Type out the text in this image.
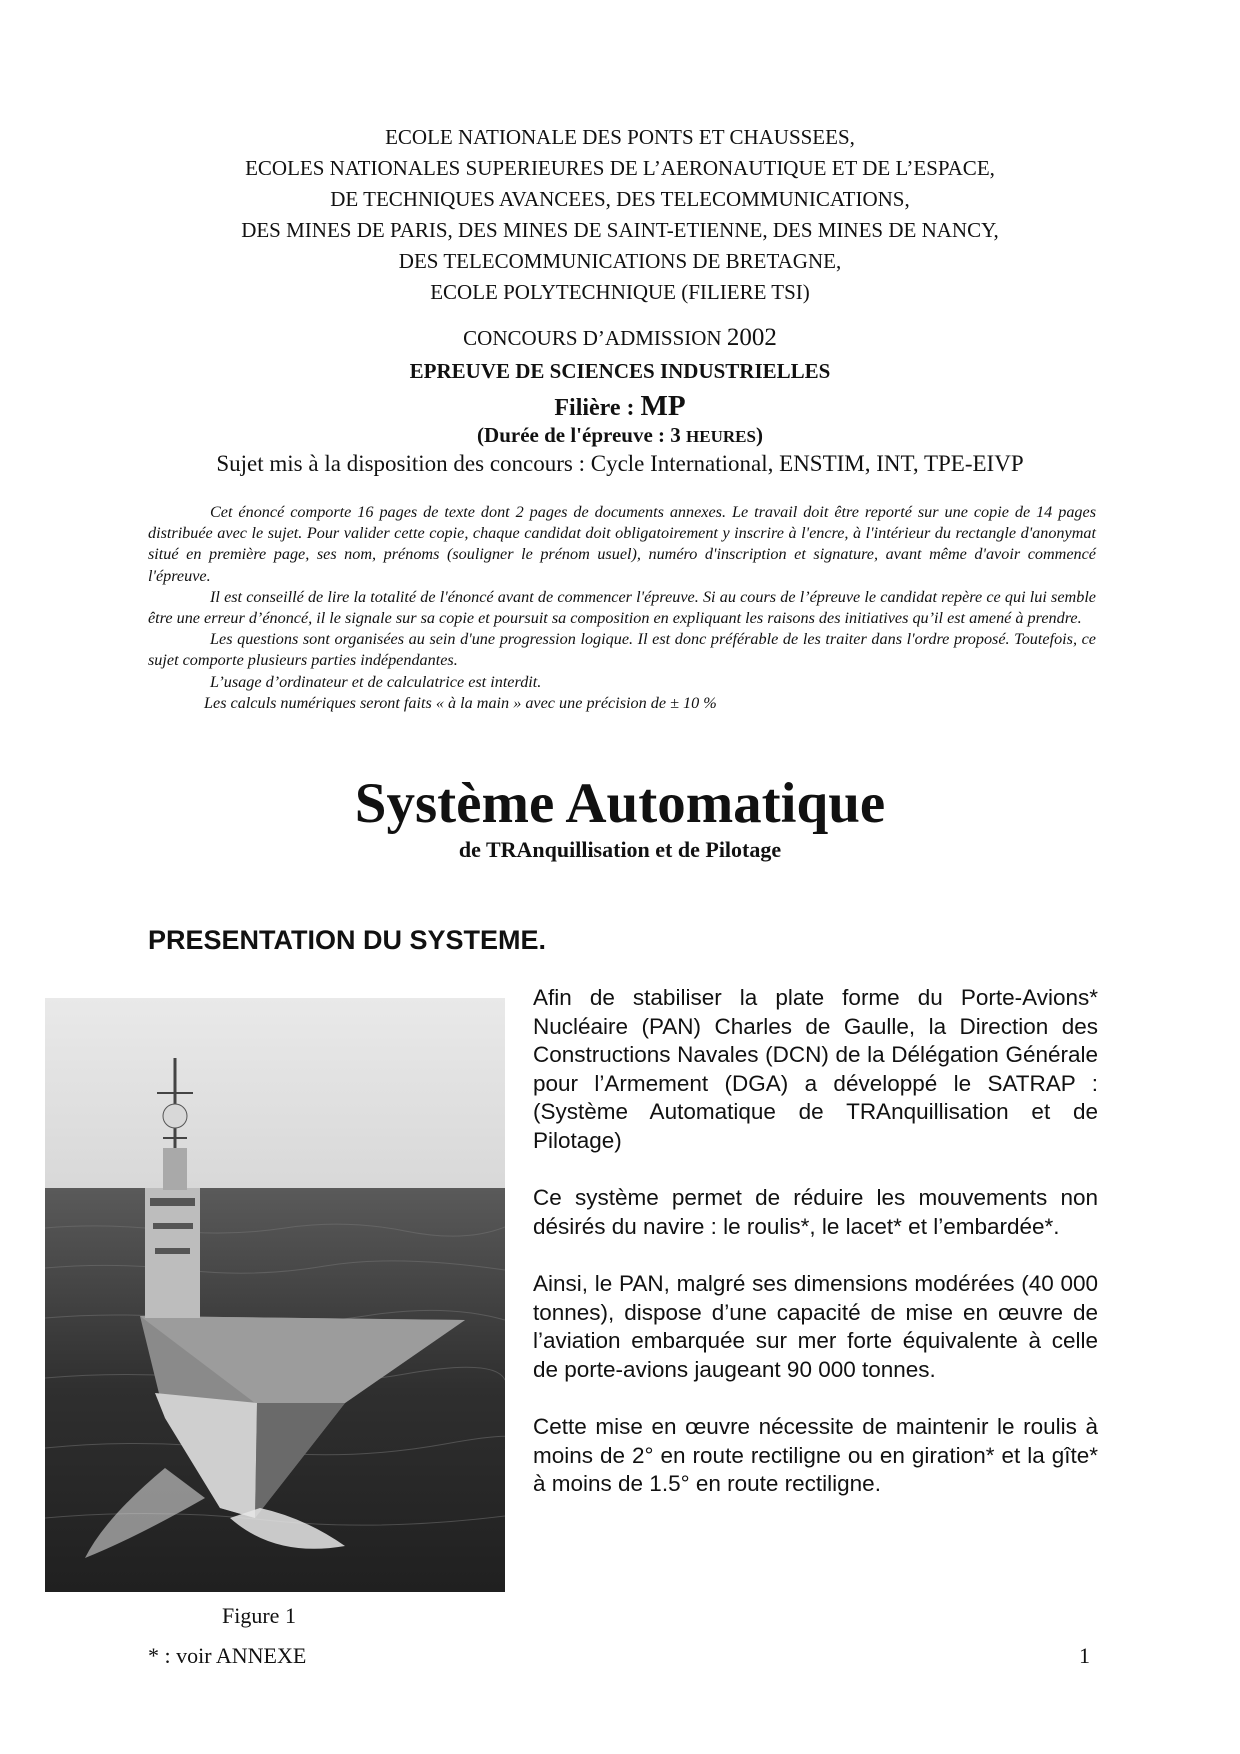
ECOLE NATIONALE DES PONTS ET CHAUSSEES,
ECOLES NATIONALES SUPERIEURES DE L’AERONAUTIQUE ET DE L’ESPACE,
DE TECHNIQUES AVANCEES, DES TELECOMMUNICATIONS,
DES MINES DE PARIS, DES MINES DE SAINT-ETIENNE, DES MINES DE NANCY,
DES TELECOMMUNICATIONS DE BRETAGNE,
ECOLE POLYTECHNIQUE (FILIERE TSI)
CONCOURS D’ADMISSION 2002
EPREUVE DE SCIENCES INDUSTRIELLES
Filière : MP
(Durée de l'épreuve : 3 HEURES)
Sujet mis à la disposition des concours : Cycle International, ENSTIM, INT, TPE-EIVP

Cet énoncé comporte 16 pages de texte dont 2 pages de documents annexes. Le travail doit être reporté sur une copie de 14 pages distribuée avec le sujet. Pour valider cette copie, chaque candidat doit obligatoirement y inscrire à l'encre, à l'intérieur du rectangle d'anonymat situé en première page, ses nom, prénoms (souligner le prénom usuel), numéro d'inscription et signature, avant même d'avoir commencé l'épreuve.

Il est conseillé de lire la totalité de l'énoncé avant de commencer l'épreuve. Si au cours de l’épreuve le candidat repère ce qui lui semble être une erreur d’énoncé, il le signale sur sa copie et poursuit sa composition en expliquant les raisons des initiatives qu’il est amené à prendre.

Les questions sont organisées au sein d'une progression logique. Il est donc préférable de les traiter dans l'ordre proposé. Toutefois, ce sujet comporte plusieurs parties indépendantes.

L’usage d’ordinateur et de calculatrice est interdit.

Les calculs numériques seront faits « à la main » avec une précision de ± 10 %

Système Automatique
de TRAnquillisation et de Pilotage
PRESENTATION DU SYSTEME.
Figure 1

Afin de stabiliser la plate forme du Porte-Avions* Nucléaire (PAN) Charles de Gaulle, la Direction des Constructions Navales (DCN) de la Délégation Générale pour l’Armement (DGA) a développé le SATRAP : (Système Automatique de TRAnquillisation et de Pilotage)

Ce système permet de réduire les mouvements non désirés du navire : le roulis*, le lacet* et l’embardée*.

Ainsi, le PAN, malgré ses dimensions modérées (40 000 tonnes), dispose d’une capacité de mise en œuvre de l’aviation embarquée sur mer forte équivalente à celle de porte-avions jaugeant 90 000 tonnes.

Cette mise en œuvre nécessite de maintenir le roulis à moins de 2° en route rectiligne ou en giration* et la gîte* à moins de 1.5° en route rectiligne.

* : voir ANNEXE	1
